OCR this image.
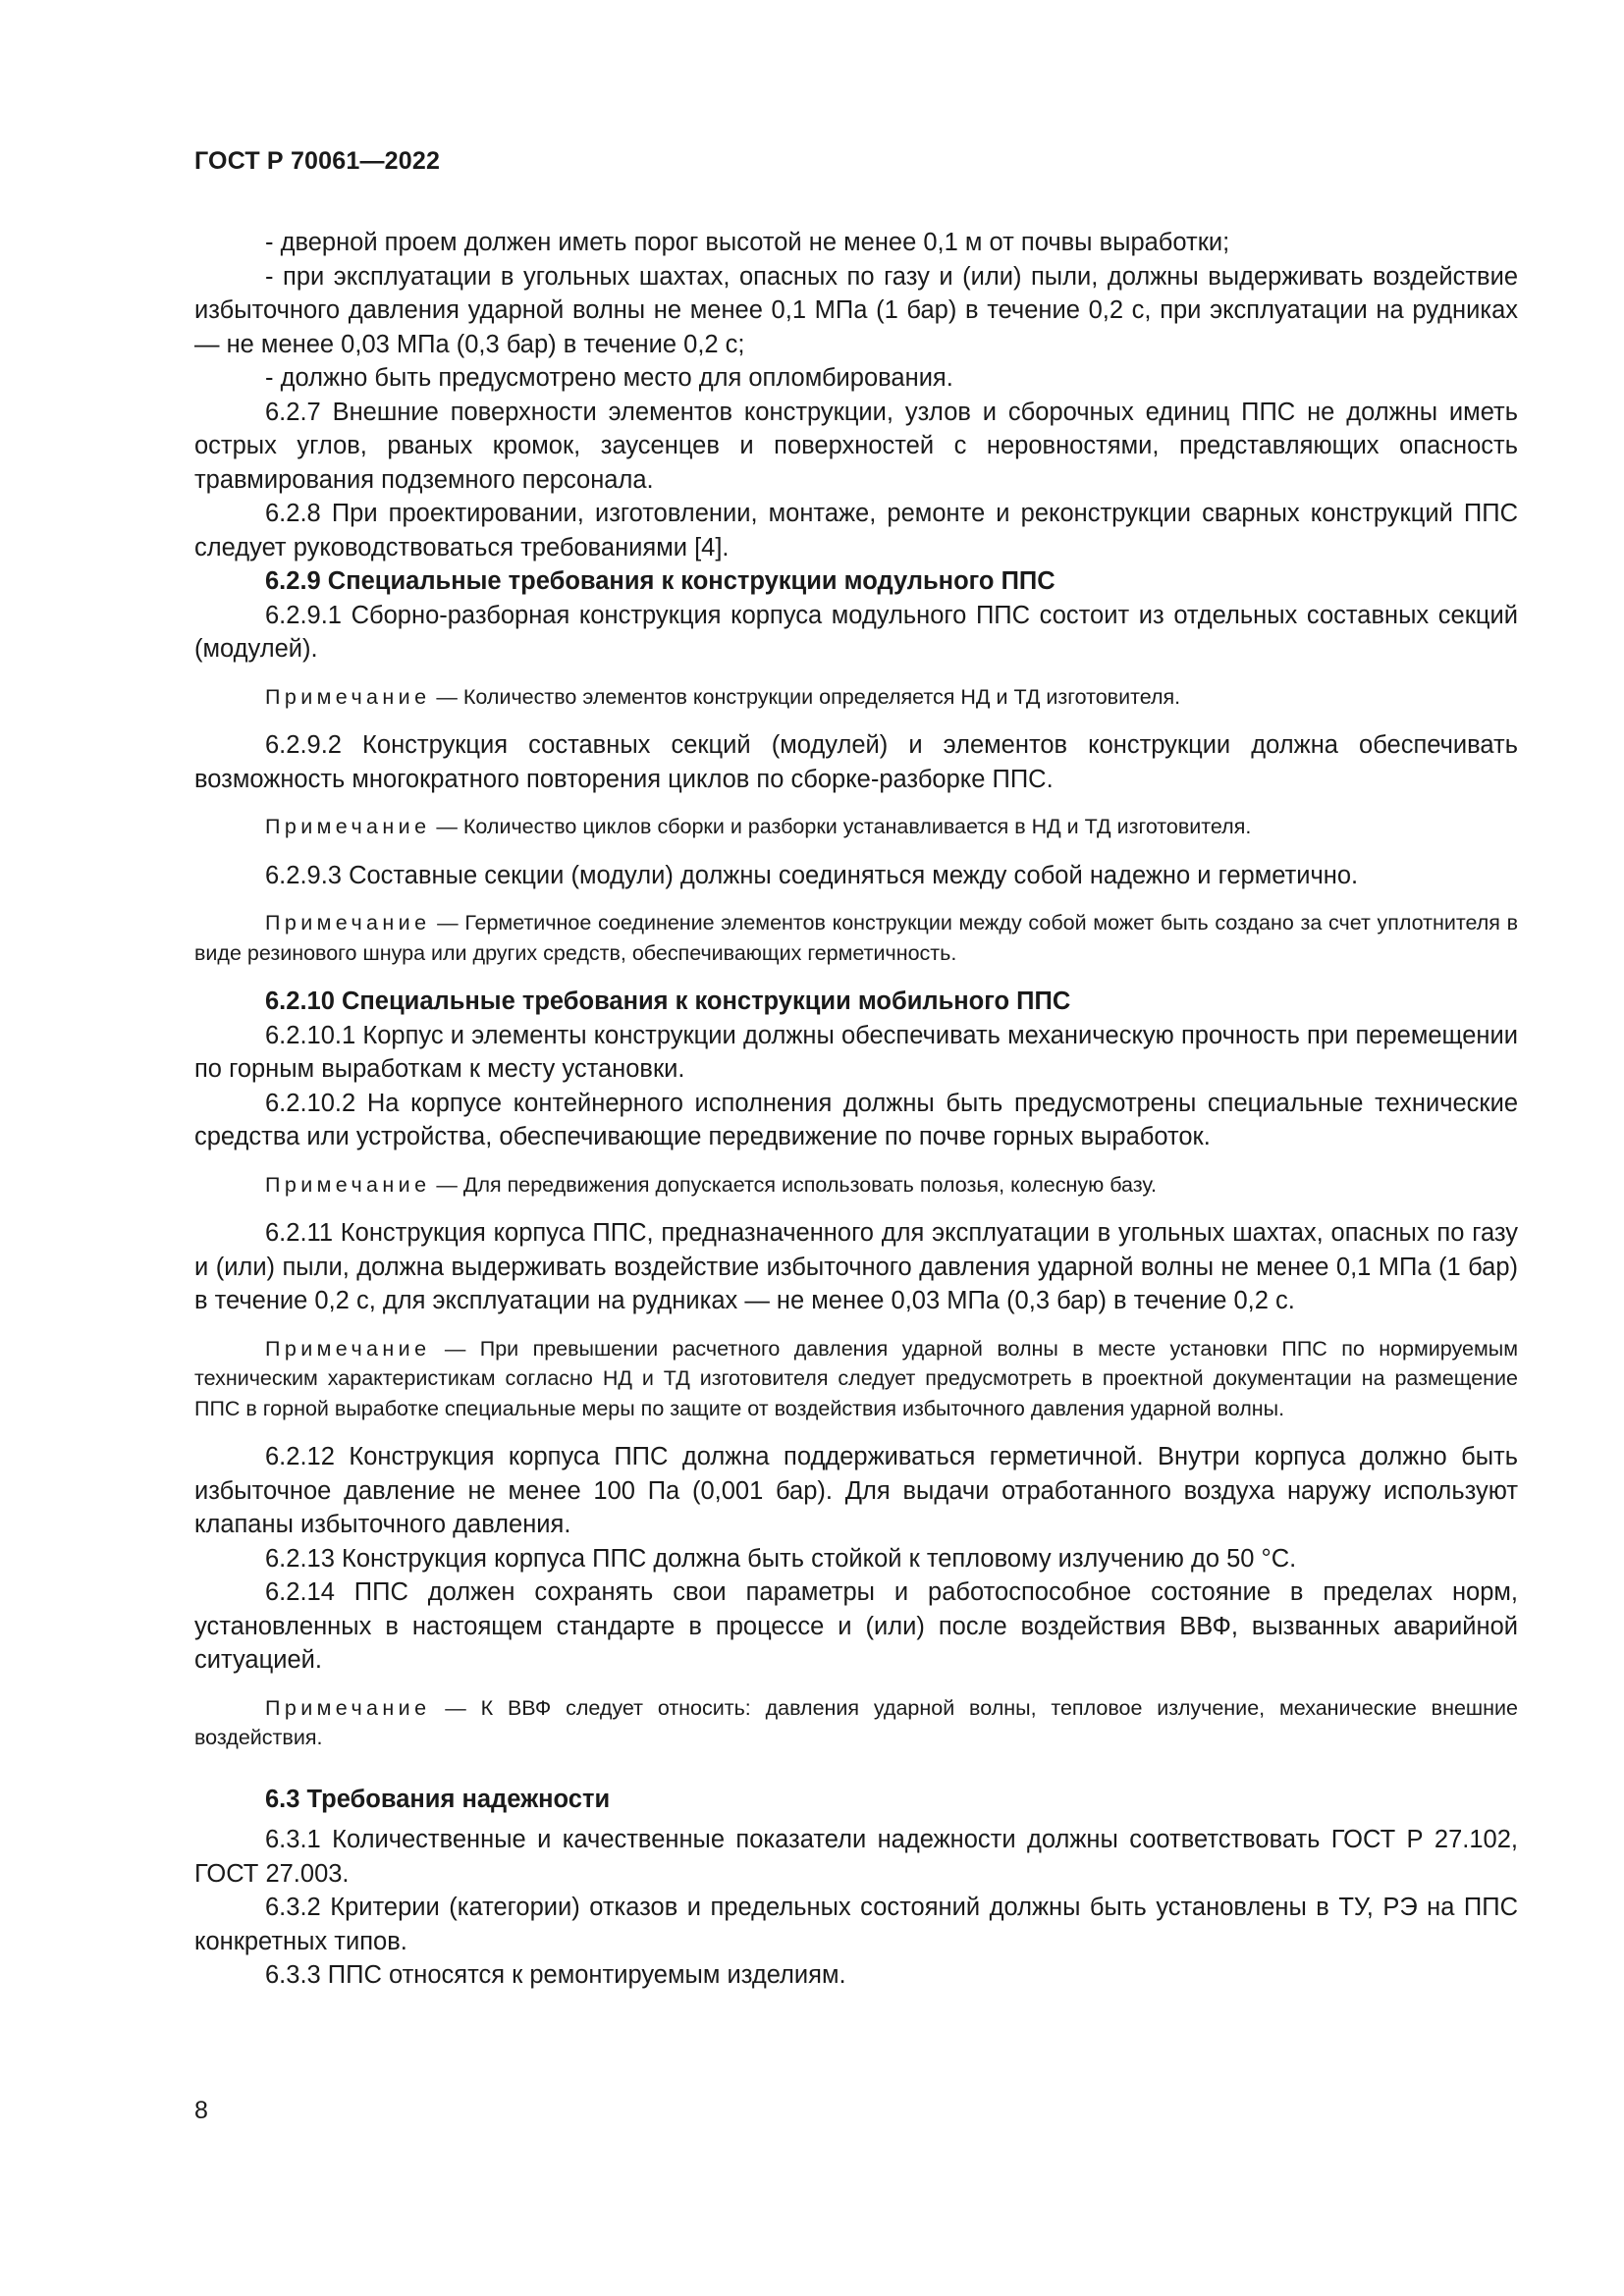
ГОСТ Р 70061—2022

- дверной проем должен иметь порог высотой не менее 0,1 м от почвы выработки;

- при эксплуатации в угольных шахтах, опасных по газу и (или) пыли, должны выдерживать воздействие избыточного давления ударной волны не менее 0,1 МПа (1 бар) в течение 0,2 с, при эксплуатации на рудниках — не менее 0,03 МПа (0,3 бар) в течение 0,2 с;

- должно быть предусмотрено место для опломбирования.

6.2.7 Внешние поверхности элементов конструкции, узлов и сборочных единиц ППС не должны иметь острых углов, рваных кромок, заусенцев и поверхностей с неровностями, представляющих опасность травмирования подземного персонала.

6.2.8 При проектировании, изготовлении, монтаже, ремонте и реконструкции сварных конструкций ППС следует руководствоваться требованиями [4].

6.2.9 Специальные требования к конструкции модульного ППС

6.2.9.1 Сборно-разборная конструкция корпуса модульного ППС состоит из отдельных составных секций (модулей).

Примечание — Количество элементов конструкции определяется НД и ТД изготовителя.

6.2.9.2 Конструкция составных секций (модулей) и элементов конструкции должна обеспечивать возможность многократного повторения циклов по сборке-разборке ППС.

Примечание — Количество циклов сборки и разборки устанавливается в НД и ТД изготовителя.

6.2.9.3 Составные секции (модули) должны соединяться между собой надежно и герметично.

Примечание — Герметичное соединение элементов конструкции между собой может быть создано за счет уплотнителя в виде резинового шнура или других средств, обеспечивающих герметичность.

6.2.10 Специальные требования к конструкции мобильного ППС

6.2.10.1 Корпус и элементы конструкции должны обеспечивать механическую прочность при перемещении по горным выработкам к месту установки.

6.2.10.2 На корпусе контейнерного исполнения должны быть предусмотрены специальные технические средства или устройства, обеспечивающие передвижение по почве горных выработок.

Примечание — Для передвижения допускается использовать полозья, колесную базу.

6.2.11 Конструкция корпуса ППС, предназначенного для эксплуатации в угольных шахтах, опасных по газу и (или) пыли, должна выдерживать воздействие избыточного давления ударной волны не менее 0,1 МПа (1 бар) в течение 0,2 с, для эксплуатации на рудниках — не менее 0,03 МПа (0,3 бар) в течение 0,2 с.

Примечание — При превышении расчетного давления ударной волны в месте установки ППС по нормируемым техническим характеристикам согласно НД и ТД изготовителя следует предусмотреть в проектной документации на размещение ППС в горной выработке специальные меры по защите от воздействия избыточного давления ударной волны.

6.2.12 Конструкция корпуса ППС должна поддерживаться герметичной. Внутри корпуса должно быть избыточное давление не менее 100 Па (0,001 бар). Для выдачи отработанного воздуха наружу используют клапаны избыточного давления.

6.2.13 Конструкция корпуса ППС должна быть стойкой к тепловому излучению до 50 °С.

6.2.14 ППС должен сохранять свои параметры и работоспособное состояние в пределах норм, установленных в настоящем стандарте в процессе и (или) после воздействия ВВФ, вызванных аварийной ситуацией.

Примечание — К ВВФ следует относить: давления ударной волны, тепловое излучение, механические внешние воздействия.

6.3 Требования надежности

6.3.1 Количественные и качественные показатели надежности должны соответствовать ГОСТ Р 27.102, ГОСТ 27.003.

6.3.2 Критерии (категории) отказов и предельных состояний должны быть установлены в ТУ, РЭ на ППС конкретных типов.

6.3.3 ППС относятся к ремонтируемым изделиям.

8
